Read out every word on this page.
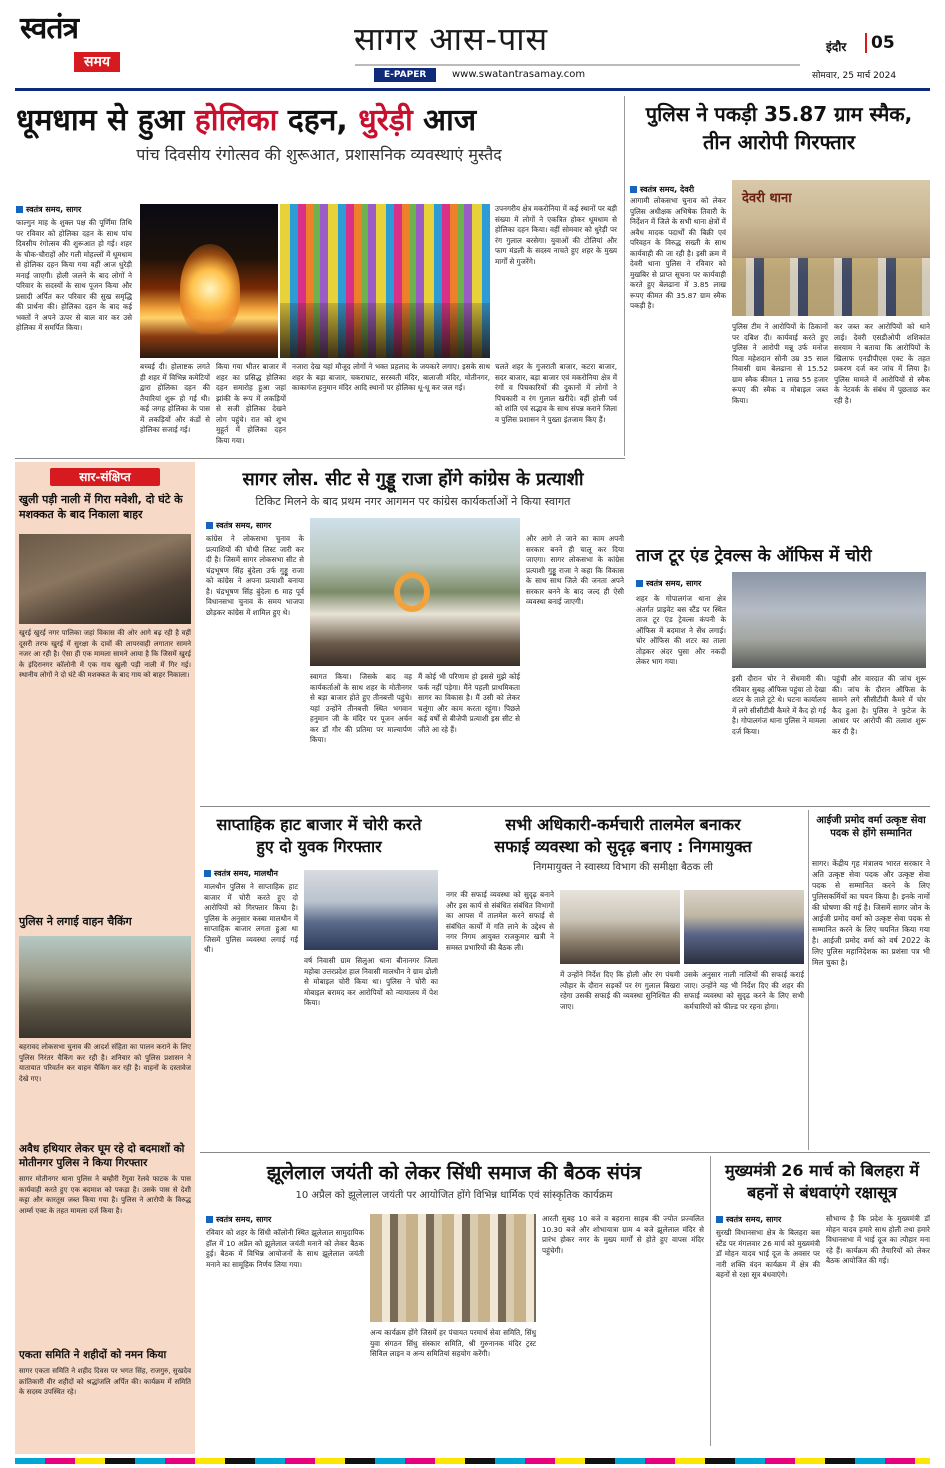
स्वतंत्र
समय
सागर आस-पास
E-PAPER	www.swatantrasamay.com
इंदौर	05
सोमवार, 25 मार्च 2024
धूमधाम से हुआ होलिका दहन, धुरेड़ी आज
पांच दिवसीय रंगोत्सव की शुरूआत, प्रशासनिक व्यवस्थाएं मुस्तैद
स्वतंत्र समय, सागर
फाल्गुन माह के शुक्ल पक्ष की पूर्णिमा तिथि पर रविवार को होलिका दहन के साथ पांच दिवसीय रंगोत्सव की शुरूआत हो गई। शहर के चौक-चौराहों और गली मोहल्लों में धूमधाम से होलिका दहन किया गया वहीं आज धुरेड़ी मनाई जाएगी। होली जलने के बाद लोगों ने परिवार के सदस्यों के साथ पूजन किया और प्रसादी अर्पित कर परिवार की सुख समृद्धि की प्रार्थना की। होलिका दहन के बाद कई भक्तों ने अपने ऊपर से बाल वार कर उसे होलिका में समर्पित किया।
उपनगरीय क्षेत्र मकरोनिया में कई स्थानों पर बड़ी संख्या में लोगों ने एकत्रित होकर धूमधाम से होलिका दहन किया। वहीं सोमवार को धुरेड़ी पर रंग गुलाल बरसेगा। युवाओं की टोलियां और फाग मंडली के सदस्य नाचते हुए शहर के मुख्य मार्गों से गुजरेंगे।
बच्चई दी। होलाष्टक लगते ही शहर में विभिन्न कमेटियों द्वारा होलिका दहन की तैयारियां शुरू हो गई थी। कई जगह होलिका के पास में लकड़ियों और कंडों से होलिका सजाई गई।
किया गया भीतर बाजार में शहर का प्रसिद्ध होलिका दहन समारोह हुआ जहां झांकी के रूप में लकड़ियों से सजी होलिका देखने लोग पहुंचे। रात को शुभ मुहूर्त में होलिका दहन किया गया।
नजारा देख यहां मौजूद लोगों ने भक्त प्रहलाद के जयकारे लगाए। इसके साथ शहर के बड़ा बाजार, चकराघाट, सरस्वती मंदिर, बालाजी मंदिर, मोतीनगर, काकागंज हनुमान मंदिर आदि स्थानों पर होलिका धू-धू कर जल गई।
चलते शहर के गुजराती बाजार, कटरा बाजार, सदर बाजार, बड़ा बाजार एवं मकरोनिया क्षेत्र में रंगों व पिचकारियों की दुकानों में लोगों ने पिचकारी व रंग गुलाल खरीदे। वहीं होली पर्व को शांति एवं सद्भाव के साथ संपन्न कराने जिला व पुलिस प्रशासन ने पुख्ता इंतजाम किए हैं।
पुलिस ने पकड़ी 35.87 ग्राम स्मैक, तीन आरोपी गिरफ्तार
स्वतंत्र समय, देवरी
आगामी लोकसभा चुनाव को लेकर पुलिस अधीक्षक अभिषेक तिवारी के निर्देशन में जिले के सभी थाना क्षेत्रों में अवैध मादक पदार्थों की बिक्री एवं परिवहन के विरुद्ध सख्ती के साथ कार्यवाही की जा रही है। इसी क्रम में देवरी थाना पुलिस ने रविवार को मुखबिर से प्राप्त सूचना पर कार्यवाही करते हुए बेलढाना में 3.85 लाख रूपए कीमत की 35.87 ग्राम स्मैक पकड़ी है।
देवरी थाना
पुलिस टीम ने आरोपियों के ठिकानों पर दबिश दी। कार्यवाई करते हुए पुलिस ने आरोपी मन्नू उर्फ मनोज पिता महेशदान सोनी उम्र 35 साल निवासी ग्राम बेलढाना से 15.52 ग्राम स्मैक कीमत 1 लाख 55 हजार रूपए की स्मैक व मोबाइल जब्त किया।
कर जब्त कर आरोपियों को थाने लाई। देवरी एसडीओपी शशिकांत सरयाम ने बताया कि आरोपियों के खिलाफ एनडीपीएस एक्ट के तहत प्रकरण दर्ज कर जांच में लिया है। पुलिस मामले में आरोपियों से स्मैक के नेटवर्क के संबंध में पूछताछ कर रही है।
सार-संक्षिप्त
खुली पड़ी नाली में गिरा मवेशी, दो घंटे के मशक्कत के बाद निकाला बाहर
खुरई खुरई नगर पालिका जहां विकास की ओर आगे बढ़ रही है वहीं दूसरी तरफ खुरई में सुरक्षा के दावों की लापरवाही लगातार सामने नजर आ रही है। ऐसा ही एक मामला सामने आया है कि जिसमें खुरई के इंदिरानगर कॉलोनी में एक गाय खुली पड़ी नाली में गिर गई। स्थानीय लोगों ने दो घंटे की मशक्कत के बाद गाय को बाहर निकाला।
पुलिस ने लगाई वाहन चैकिंग
बहरावद लोकसभा चुनाव की आदर्श संहिता का पालन कराने के लिए पुलिस निरंतर चैकिंग कर रही है। शनिवार को पुलिस प्रशासन ने यातायात परिवर्तन कर वाहन चैकिंग कर रही है। वाहनों के दस्तावेज देखे गए।
अवैध हथियार लेकर घूम रहे दो बदमाशों को मोतीनगर पुलिस ने किया गिरफ्तार
सागर मोतीनगर थाना पुलिस ने बम्हौरी रेंगुवा रेलवे फाटक के पास कार्यवाही करते हुए एक बदमाश को पकड़ा है। उसके पास से देशी कट्टा और कारतूस जब्त किया गया है। पुलिस ने आरोपी के विरुद्ध आर्म्स एक्ट के तहत मामला दर्ज किया है।
एकता समिति ने शहीदों को नमन किया
सागर एकता समिति ने शहीद दिवस पर भगत सिंह, राजगुरु, सुखदेव क्रांतिकारी वीर शहीदों को श्रद्धांजलि अर्पित की। कार्यक्रम में समिति के सदस्य उपस्थित रहे।
सागर लोस. सीट से गुड्डू राजा होंगे कांग्रेस के प्रत्याशी
टिकिट मिलने के बाद प्रथम नगर आगमन पर कांग्रेस कार्यकर्ताओं ने किया स्वागत
स्वतंत्र समय, सागर
कांग्रेस ने लोकसभा चुनाव के प्रत्याशियों की चौथी लिस्ट जारी कर दी है। जिसमें सागर लोकसभा सीट से चंद्रभूषण सिंह बुंदेला उर्फ गुड्डू राजा को कांग्रेस ने अपना प्रत्याशी बनाया है। चंद्रभूषण सिंह बुंदेला 6 माह पूर्व विधानसभा चुनाव के समय भाजपा छोड़कर कांग्रेस में शामिल हुए थे।
और आगे ले जाने का काम अपनी सरकार बनने ही चालू कर दिया जाएगा। सागर लोकसभा के कांग्रेस प्रत्याशी गुड्डू राजा ने कहा कि विकास के साथ साथ जिले की जनता अपने सरकार बनने के बाद जल्द ही ऐसी व्यवस्था बनाई जाएगी।
स्वागत किया। जिसके बाद वह कार्यकर्ताओं के साथ शहर के मोतीनगर से बड़ा बाजार होते हुए तीनबत्ती पहुंचे। यहां उन्होंने तीनबत्ती स्थित भगवान हनुमान जी के मंदिर पर पूजन अर्चन कर डॉ गौर की प्रतिमा पर माल्यार्पण किया।
मैं कोई भी परिणाम हो इससे मुझे कोई फर्क नहीं पड़ेगा। मैंने पहली प्राथमिकता सागर का विकास है। मैं उसी को लेकर चलूंगा और काम करता रहूंगा। पिछले कई वर्षों से बीजेपी प्रत्याशी इस सीट से जीते आ रहे हैं।
ताज टूर एंड ट्रेवल्स के ऑफिस में चोरी
स्वतंत्र समय, सागर
शहर के गोपालगंज थाना क्षेत्र अंतर्गत प्राइवेट बस स्टैंड पर स्थित ताज टूर एंड ट्रेवल्स कंपनी के ऑफिस में बदमाश ने सेंध लगाई। चोर ऑफिस की शटर का ताला तोड़कर अंदर घुसा और नकदी लेकर भाग गया।
इसी दौरान चोर ने सेंधमारी की। रविवार सुबह ऑफिस पहुंचा तो देखा शटर के ताले टूटे थे। घटना कार्यालय में लगे सीसीटीवी कैमरे में कैद हो गई है। गोपालगंज थाना पुलिस ने मामला दर्ज किया।
पहुंची और वारदात की जांच शुरू की। जांच के दौरान ऑफिस के सामने लगे सीसीटीवी कैमरे में चोर कैद हुआ है। पुलिस ने फुटेज के आधार पर आरोपी की तलाश शुरू कर दी है।
साप्ताहिक हाट बाजार में चोरी करते हुए दो युवक गिरफ्तार
स्वतंत्र समय, मालथौन
मालथौन पुलिस ने साप्ताहिक हाट बाजार में चोरी करते हुए दो आरोपियों को गिरफ्तार किया है। पुलिस के अनुसार कस्बा मालथौन में साप्ताहिक बाजार लगता हुआ था जिसमें पुलिस व्यवस्था लगाई गई थी।
वर्ष निवासी ग्राम सिलुआ थाना बीनानगर जिला महोबा उत्तरप्रदेश हाल निवासी मालथौन ने ग्राम ढोली से मोबाइल चोरी किया था। पुलिस ने चोरी का मोबाइल बरामद कर आरोपियों को न्यायालय में पेश किया।
सभी अधिकारी-कर्मचारी तालमेल बनाकर
सफाई व्यवस्था को सुदृढ़ बनाए : निगमायुक्त
निगमायुक्त ने स्वास्थ्य विभाग की समीक्षा बैठक ली
नगर की सफाई व्यवस्था को सुदृढ़ बनाने और इस कार्य से संबंधित संबंधित विभागों का आपस में तालमेल करने सफाई से संबंधित कार्यों में गति लाने के उद्देश्य से नगर निगम आयुक्त राजकुमार खत्री ने समस्त प्रभारियों की बैठक ली।
में उन्होंने निर्देश दिए कि होली और रंग पंचमी त्यौहार के दौरान सड़कों पर रंग गुलाल बिखरा रहेगा उसकी सफाई की व्यवस्था सुनिश्चित की जाए।
उसके अनुसार नाली नालियों की सफाई कराई जाए। उन्होंने यह भी निर्देश दिए की शहर की सफाई व्यवस्था को सुदृढ़ करने के लिए सभी कर्मचारियों को फील्ड पर रहना होगा।
आईजी प्रमोद वर्मा उत्कृष्ट सेवा पदक से होंगे सम्मानित
सागर। केंद्रीय गृह मंत्रालय भारत सरकार ने अति उत्कृष्ट सेवा पदक और उत्कृष्ट सेवा पदक से सम्मानित करने के लिए पुलिसकर्मियों का चयन किया है। इनके नामों की घोषणा की गई है। जिसमें सागर जोन के आईजी प्रमोद वर्मा को उत्कृष्ट सेवा पदक से सम्मानित करने के लिए चयनित किया गया है। आईजी प्रमोद वर्मा को वर्ष 2022 के लिए पुलिस महानिदेशक का प्रशंसा पत्र भी मिल चुका है।
झूलेलाल जयंती को लेकर सिंधी समाज की बैठक संपंत्र
10 अप्रैल को झूलेलाल जयंती पर आयोजित होंगे विभिन्न धार्मिक एवं सांस्कृतिक कार्यक्रम
स्वतंत्र समय, सागर
रविवार को शहर के सिंधी कॉलोनी स्थित झूलेलाल सामुदायिक हॉल में 10 अप्रैल को झूलेलाल जयंती मनाने को लेकर बैठक हुई। बैठक में विभिन्न आयोजनों के साथ झूलेलाल जयंती मनाने का सामूहिक निर्णय लिया गया।
अन्य कार्यक्रम होंगे जिसमें हर पंचायत परमार्थ सेवा समिति, सिंधु युवा संगठन सिंधु संस्कार समिति, श्री गुरुनानक मंदिर ट्रस्ट सिविल लाइन व अन्य समितियां सहयोग करेंगी।
आरती सुबह 10 बजे व बहराना साहब की ज्योत प्रज्वलित 10.30 बजे और शोभायात्रा ग्राम 4 बजे झूलेलाल मंदिर से प्रारंभ होकर नगर के मुख्य मार्गों से होते हुए वापस मंदिर पहुंचेगी।
मुख्यमंत्री 26 मार्च को बिलहरा में बहनों से बंधवाएंगे रक्षासूत्र
स्वतंत्र समय, सागर
सुरखी विधानसभा क्षेत्र के बिलहरा बस स्टैंड पर मंगलवार 26 मार्च को मुख्यमंत्री डॉ मोहन यादव भाई दूज के अवसर पर नारी शक्ति वंदन कार्यक्रम में क्षेत्र की बहनों से रक्षा सूत्र बंधवाएंगे।
सौभाग्य है कि प्रदेश के मुख्यमंत्री डॉ मोहन यादव हमारे साथ होली तथा हमारे विधानसभा में भाई दूज का त्यौहार मना रहे हैं। कार्यक्रम की तैयारियों को लेकर बैठक आयोजित की गई।
